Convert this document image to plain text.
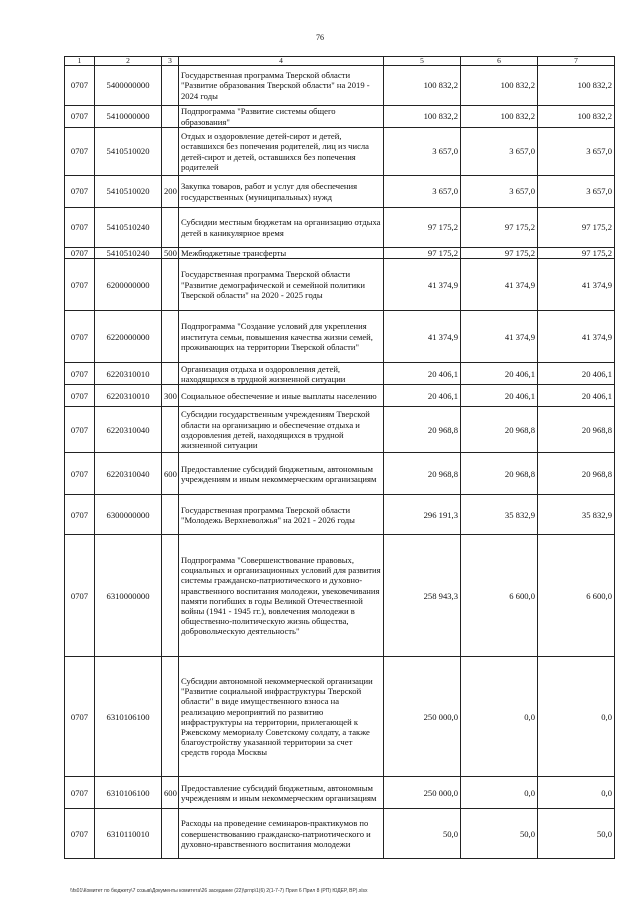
76
1	2	3	4	5	6	7
0707	5400000000		Государственная программа Тверской области "Развитие образования Тверской области" на 2019 - 2024 годы	100 832,2	100 832,2	100 832,2
0707	5410000000		Подпрограмма "Развитие системы общего образования"	100 832,2	100 832,2	100 832,2
0707	5410510020		Отдых и оздоровление детей-сирот и детей, оставшихся без попечения родителей, лиц из числа детей-сирот и детей, оставшихся без попечения родителей	3 657,0	3 657,0	3 657,0
0707	5410510020	200	Закупка товаров, работ и услуг для обеспечения государственных (муниципальных) нужд	3 657,0	3 657,0	3 657,0
0707	5410510240		Субсидии местным бюджетам на организацию отдыха детей в каникулярное время	97 175,2	97 175,2	97 175,2
0707	5410510240	500	Межбюджетные трансферты	97 175,2	97 175,2	97 175,2
0707	6200000000		Государственная программа Тверской области "Развитие демографической и семейной политики Тверской области" на 2020 - 2025 годы	41 374,9	41 374,9	41 374,9
0707	6220000000		Подпрограмма "Создание условий для укрепления института семьи, повышения качества жизни семей, проживающих на территории Тверской области"	41 374,9	41 374,9	41 374,9
0707	6220310010		Организация отдыха и оздоровления детей, находящихся в трудной жизненной ситуации	20 406,1	20 406,1	20 406,1
0707	6220310010	300	Социальное обеспечение и иные выплаты населению	20 406,1	20 406,1	20 406,1
0707	6220310040		Субсидии государственным учреждениям Тверской области на организацию и обеспечение отдыха и оздоровления детей, находящихся в трудной жизненной ситуации	20 968,8	20 968,8	20 968,8
0707	6220310040	600	Предоставление субсидий бюджетным, автономным учреждениям и иным некоммерческим организациям	20 968,8	20 968,8	20 968,8
0707	6300000000		Государственная программа Тверской области "Молодежь Верхневолжья" на 2021 - 2026 годы	296 191,3	35 832,9	35 832,9
0707	6310000000		Подпрограмма "Совершенствование правовых, социальных и организационных условий для развития системы гражданско-патриотического и духовно-нравственного воспитания молодежи, увековечивания памяти погибших в годы Великой Отечественной войны (1941 - 1945 гг.), вовлечения молодежи в общественно-политическую жизнь общества, добровольческую деятельность"	258 943,3	6 600,0	6 600,0
0707	6310106100		Субсидии автономной некоммерческой организации "Развитие социальной инфраструктуры Тверской области" в виде имущественного взноса на реализацию мероприятий по развитию инфраструктуры на территории, прилегающей к Ржевскому мемориалу Советскому солдату, а также благоустройству указанной территории за счет средств города Москвы	250 000,0	0,0	0,0
0707	6310106100	600	Предоставление субсидий бюджетным, автономным учреждениям и иным некоммерческим организациям	250 000,0	0,0	0,0
0707	6310110010		Расходы на проведение семинаров-практикумов по совершенствованию гражданско-патриотического и духовно-нравственного воспитания молодежи	50,0	50,0	50,0
\\fs01\Комитет по бюджету\7 созыв\Документы комитета\26 заседание (22)\ргпр\1(6) 2(1-7-7) Прил 6 Прил 8 (РП) ЮДЕР, ВР).xlsx
